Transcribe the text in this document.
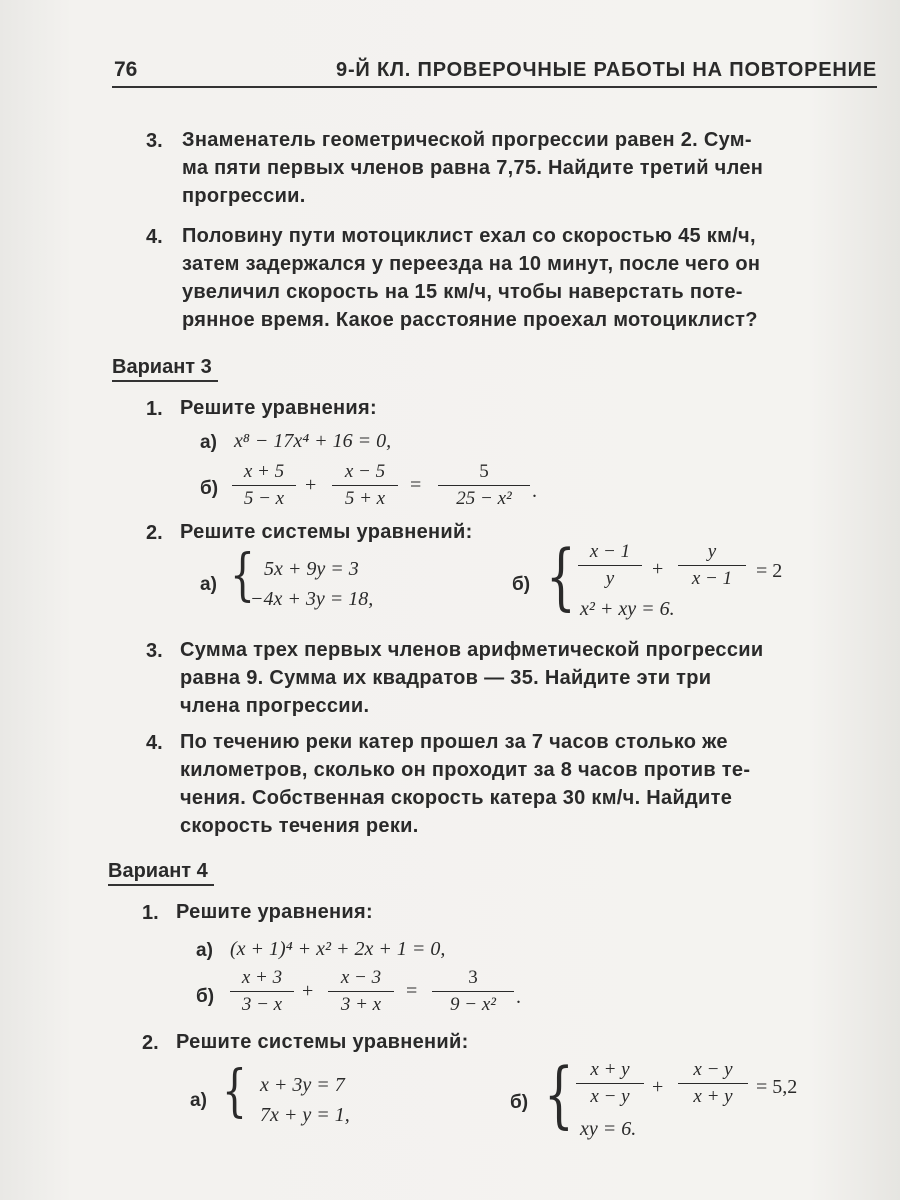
76	9-Й КЛ. ПРОВЕРОЧНЫЕ РАБОТЫ НА ПОВТОРЕНИЕ
3. Знаменатель геометрической прогрессии равен 2. Сум-
ма пяти первых членов равна 7,75. Найдите третий член
прогрессии.
4. Половину пути мотоциклист ехал со скоростью 45 км/ч,
затем задержался у переезда на 10 минут, после чего он
увеличил скорость на 15 км/ч, чтобы наверстать поте-
рянное время. Какое расстояние проехал мотоциклист?
Вариант 3
1. Решите уравнения:
а) x⁸ − 17x⁴ + 16 = 0,
б)
x + 5
5 − x
+
x − 5
5 + x
=
5
25 − x²	.
2. Решите системы уравнений:
а) { 5x + 9y = 3
−4x + 3y = 18,
б) { x − 1
y	+
y
x − 1	= 2
x² + xy = 6.
3. Сумма трех первых членов арифметической прогрессии
равна 9. Сумма их квадратов — 35. Найдите эти три
члена прогрессии.
4. По течению реки катер прошел за 7 часов столько же
километров, сколько он проходит за 8 часов против те-
чения. Собственная скорость катера 30 км/ч. Найдите
скорость течения реки.
Вариант 4
1. Решите уравнения:
а) (x + 1)⁴ + x² + 2x + 1 = 0,
б)
x + 3
3 − x
+
x − 3
3 + x
=
3
9 − x²	.
2. Решите системы уравнений:
а) { x + 3y = 7
7x + y = 1,
б) { x + y
x − y	+
x − y
x + y	= 5,2
xy = 6.
